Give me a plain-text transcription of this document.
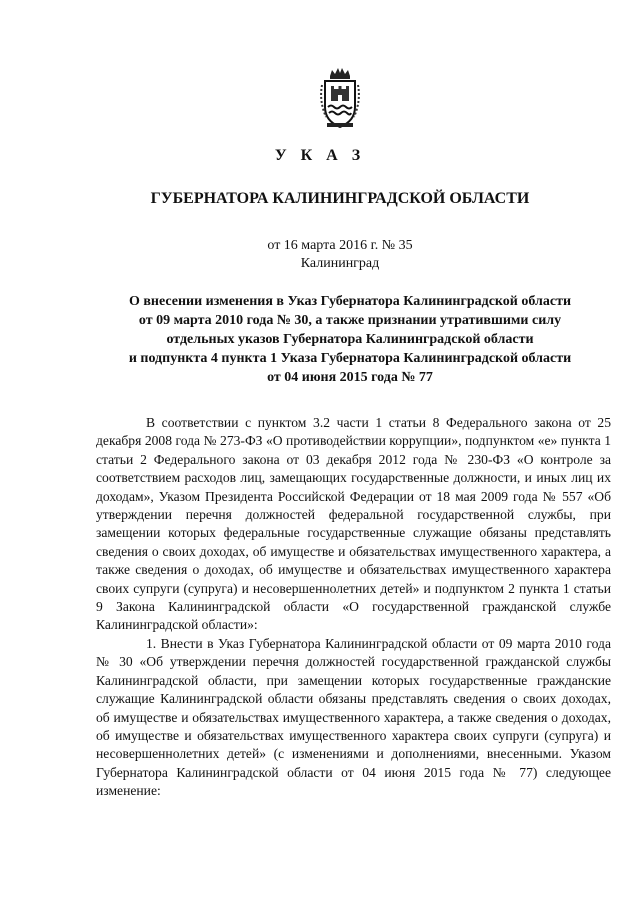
У К А З
ГУБЕРНАТОРА КАЛИНИНГРАДСКОЙ ОБЛАСТИ
от 16 марта 2016 г. № 35
Калининград
О внесении изменения в Указ Губернатора Калининградской области
от 09 марта 2010 года № 30, а также признании утратившими силу
отдельных указов Губернатора Калининградской области
и подпункта 4 пункта 1 Указа Губернатора Калининградской области
от 04 июня 2015 года № 77

В соответствии с пунктом 3.2 части 1 статьи 8 Федерального закона от 25 декабря 2008 года № 273-ФЗ «О противодействии коррупции», подпунктом «е» пункта 1 статьи 2 Федерального закона от 03 декабря 2012 года № 230-ФЗ «О контроле за соответствием расходов лиц, замещающих государственные должности, и иных лиц их доходам», Указом Президента Российской Федерации от 18 мая 2009 года № 557 «Об утверждении перечня должностей федеральной государственной службы, при замещении которых федеральные государственные служащие обязаны представлять сведения о своих доходах, об имуществе и обязательствах имущественного характера, а также сведения о доходах, об имуществе и обязательствах имущественного характера своих супруги (супруга) и несовершеннолетних детей» и подпунктом 2 пункта 1 статьи 9 Закона Калининградской области «О государственной гражданской службе Калининградской области»:

1. Внести в Указ Губернатора Калининградской области от 09 марта 2010 года № 30 «Об утверждении перечня должностей государственной гражданской службы Калининградской области, при замещении которых государственные гражданские служащие Калининградской области обязаны представлять сведения о своих доходах, об имуществе и обязательствах имущественного характера, а также сведения о доходах, об имуществе и обязательствах имущественного характера своих супруги (супруга) и несовершеннолетних детей» (с изменениями и дополнениями, внесенными. Указом Губернатора Калининградской области от 04 июня 2015 года № 77) следующее изменение:
